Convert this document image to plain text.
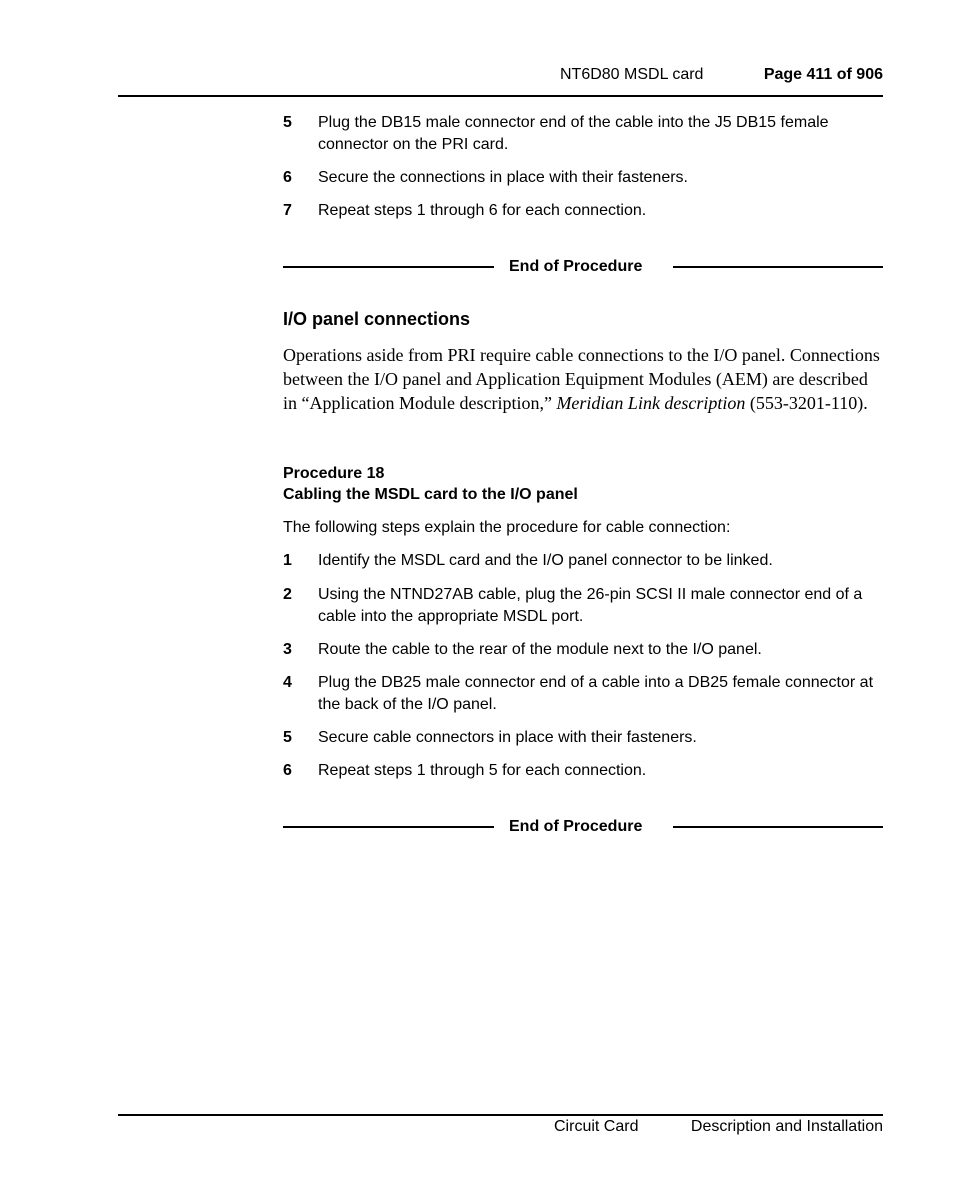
NT6D80 MSDL card	Page 411 of 906
5 Plug the DB15 male connector end of the cable into the J5 DB15 female connector on the PRI card.
6 Secure the connections in place with their fasteners.
7 Repeat steps 1 through 6 for each connection.
End of Procedure
I/O panel connections
Operations aside from PRI require cable connections to the I/O panel. Connections between the I/O panel and Application Equipment Modules (AEM) are described in “Application Module description,” Meridian Link description (553-3201-110).
Procedure 18
Cabling the MSDL card to the I/O panel
The following steps explain the procedure for cable connection:
1 Identify the MSDL card and the I/O panel connector to be linked.
2 Using the NTND27AB cable, plug the 26-pin SCSI II male connector end of a cable into the appropriate MSDL port.
3 Route the cable to the rear of the module next to the I/O panel.
4 Plug the DB25 male connector end of a cable into a DB25 female connector at the back of the I/O panel.
5 Secure cable connectors in place with their fasteners.
6 Repeat steps 1 through 5 for each connection.
End of Procedure
Circuit Card	Description and Installation
